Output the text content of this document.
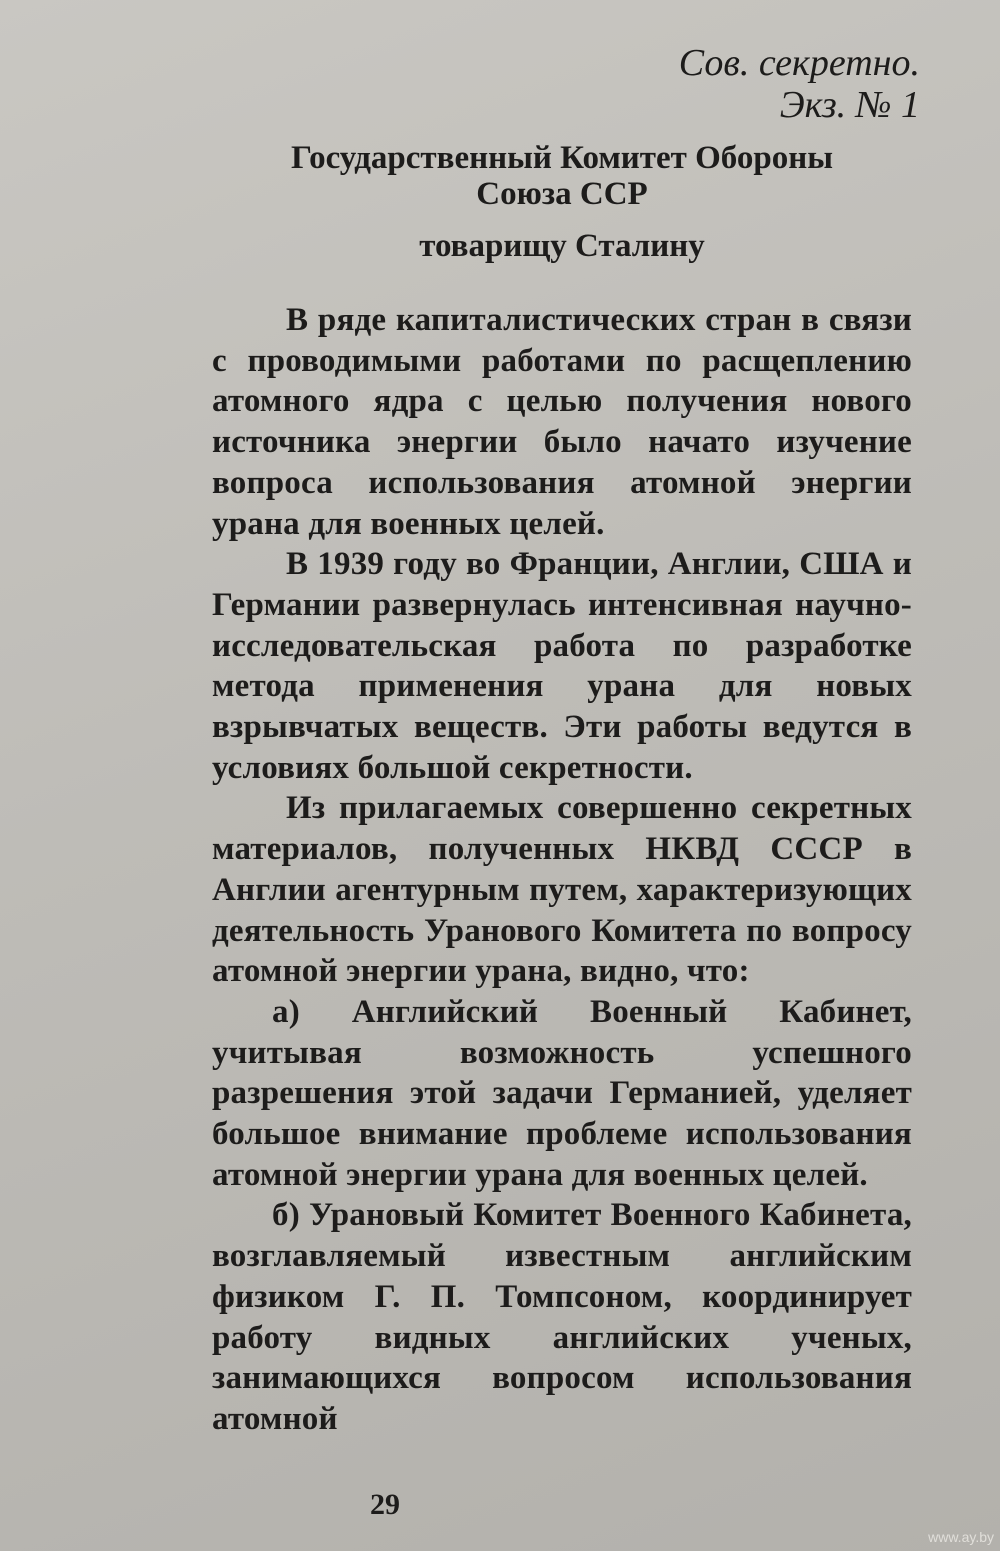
Сов. секретно.
Экз. № 1
Государственный Комитет Обороны
Союза ССР
товарищу Сталину

В ряде капиталистических стран в связи с проводимыми работами по расщеплению атомного ядра с целью получения нового источника энергии было начато изучение вопроса использования атомной энергии урана для военных целей.

В 1939 году во Франции, Англии, США и Германии развернулась интенсивная научно-исследовательская работа по разработке метода применения урана для новых взрывчатых веществ. Эти работы ведутся в условиях большой секретности.

Из прилагаемых совершенно секретных материалов, полученных НКВД СССР в Англии агентурным путем, характеризующих деятельность Уранового Комитета по вопросу атомной энергии урана, видно, что:

а) Английский Военный Кабинет, учитывая возможность успешного разрешения этой задачи Германией, уделяет большое внимание проблеме использования атомной энергии урана для военных целей.

б) Урановый Комитет Военного Кабинета, возглавляемый известным английским физиком Г. П. Томпсоном, координирует работу видных английских ученых, занимающихся вопросом использования атомной

29
www.ay.by
